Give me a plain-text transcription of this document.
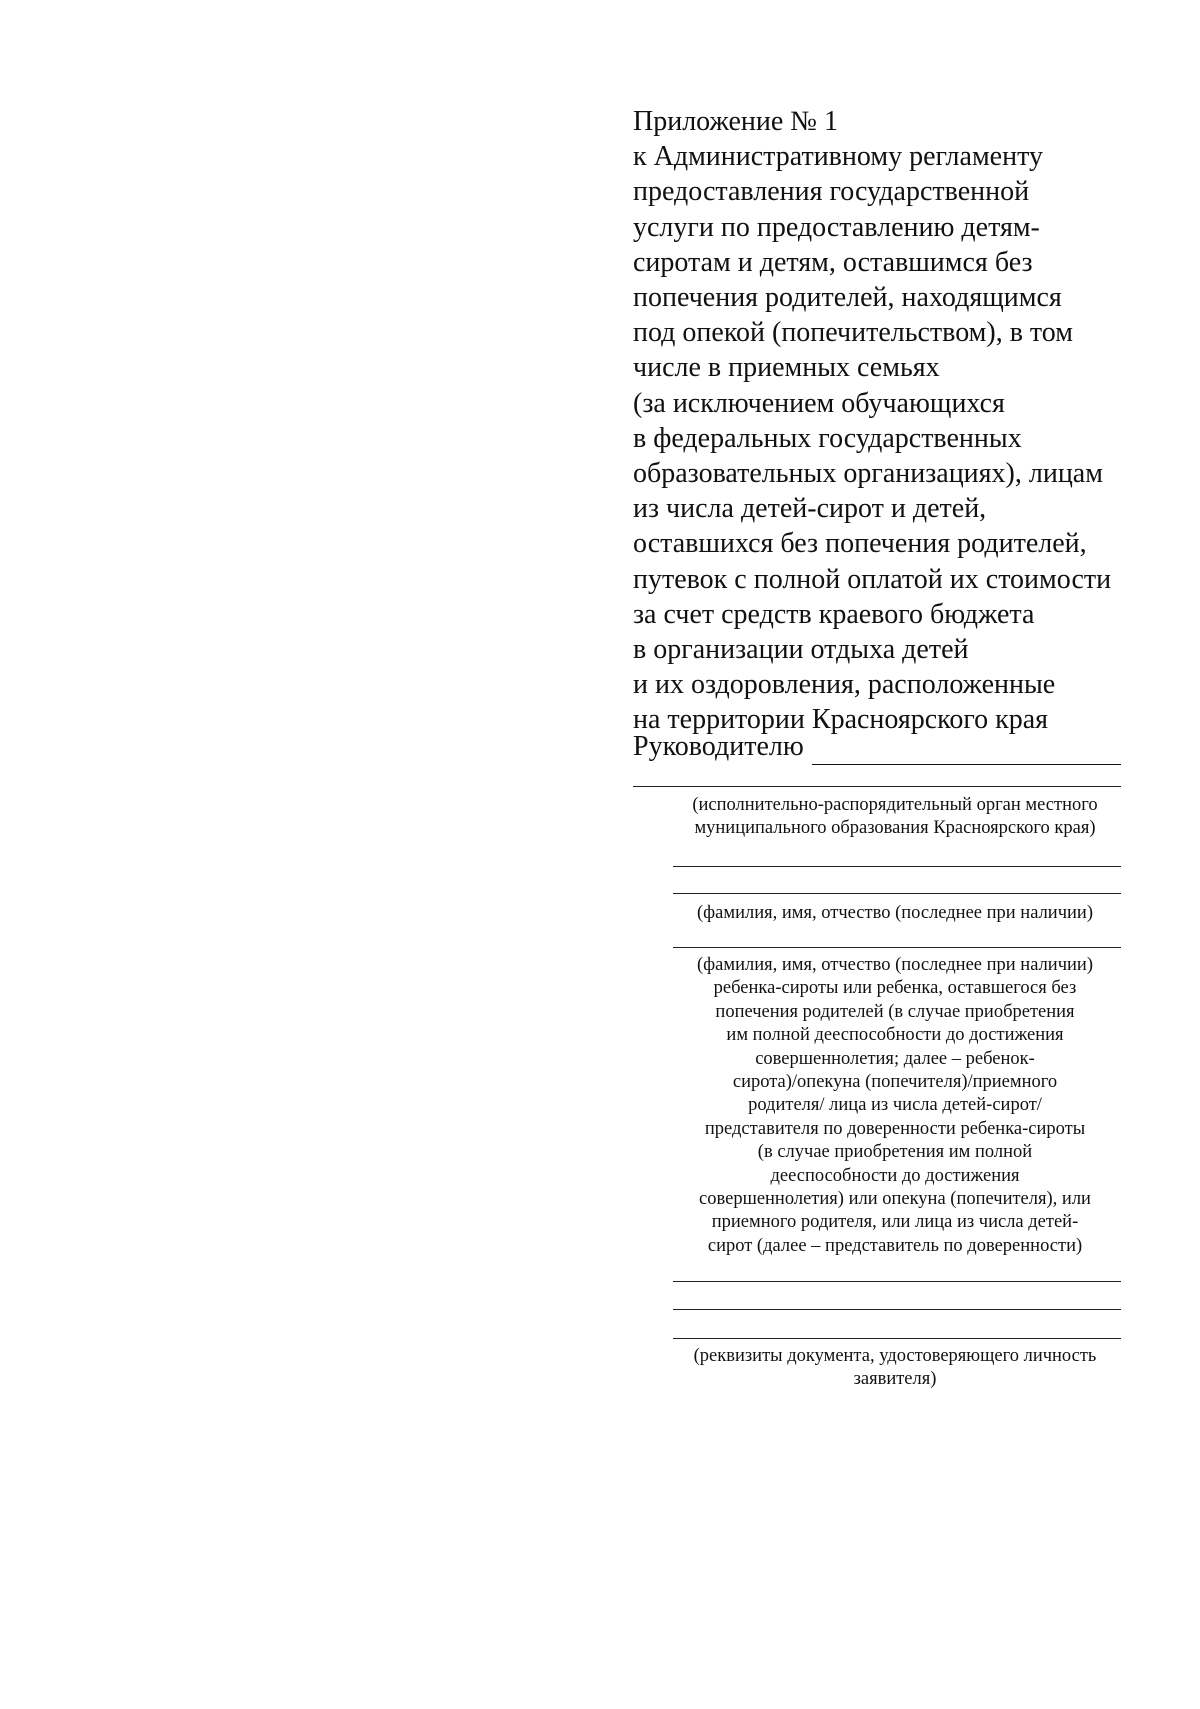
Приложение № 1
к Административному регламенту
предоставления государственной
услуги по предоставлению детям-
сиротам и детям, оставшимся без
попечения родителей, находящимся
под опекой (попечительством), в том
числе в приемных семьях
(за исключением обучающихся
в федеральных государственных
образовательных организациях), лицам
из числа детей-сирот и детей,
оставшихся без попечения родителей,
путевок с полной оплатой их стоимости
за счет средств краевого бюджета
в организации отдыха детей
и их оздоровления, расположенные
на территории Красноярского края
Руководителю
(исполнительно-распорядительный орган местного
муниципального образования Красноярского края)
(фамилия, имя, отчество (последнее при наличии)
(фамилия, имя, отчество (последнее при наличии)
ребенка-сироты или ребенка, оставшегося без
попечения родителей (в случае приобретения
им полной дееспособности до достижения
совершеннолетия; далее – ребенок-
сирота)/опекуна (попечителя)/приемного
родителя/ лица из числа детей-сирот/
представителя по доверенности ребенка-сироты
(в случае приобретения им полной
дееспособности до достижения
совершеннолетия) или опекуна (попечителя), или
приемного родителя, или лица из числа детей-
сирот (далее – представитель по доверенности)
(реквизиты документа, удостоверяющего личность
заявителя)
